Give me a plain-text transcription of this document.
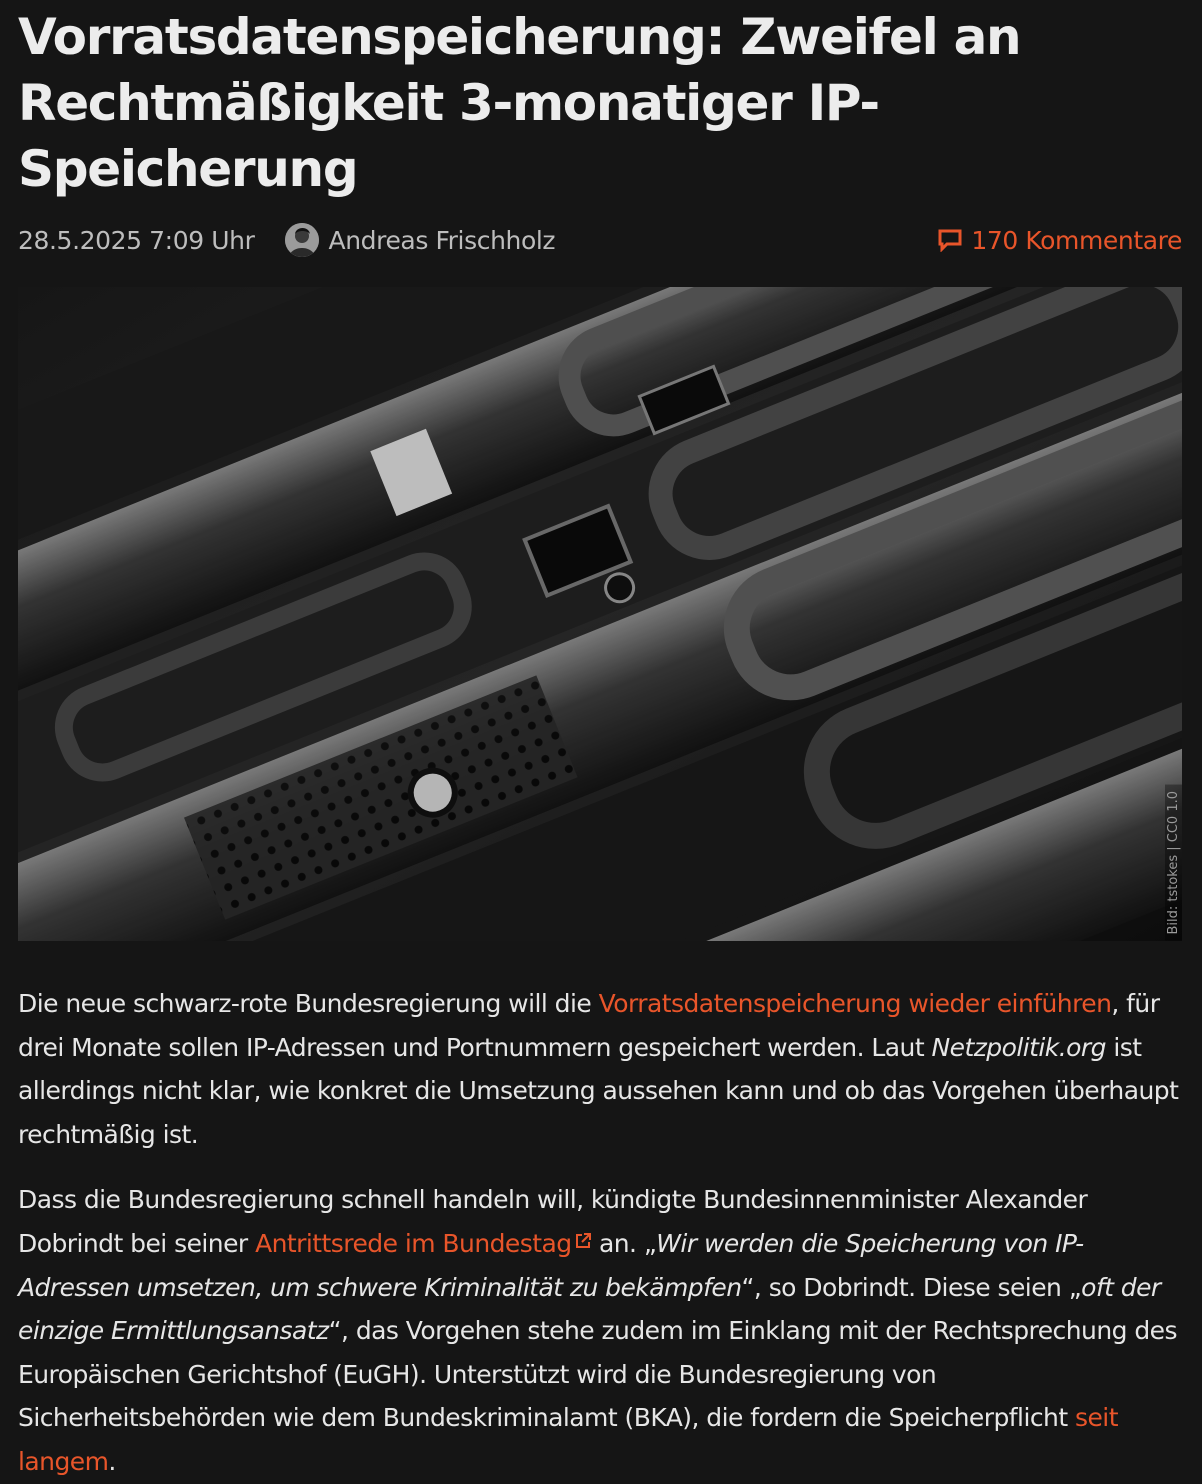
Vorratsdatenspeicherung: Zweifel an Rechtmäßigkeit 3-monatiger IP-Speicherung
28.5.2025 7:09 Uhr	Andreas Frischholz	170 Kommentare
Bild: tstokes | CC0 1.0

Die neue schwarz-rote Bundesregierung will die Vorratsdatenspeicherung wieder einführen, für drei Monate sollen IP-Adressen und Portnummern gespeichert werden. Laut Netzpolitik.org ist allerdings nicht klar, wie konkret die Umsetzung aussehen kann und ob das Vorgehen überhaupt rechtmäßig ist.

Dass die Bundesregierung schnell handeln will, kündigte Bundesinnenminister Alexander Dobrindt bei seiner Antrittsrede im Bundestag an. „Wir werden die Speicherung von IP-Adressen umsetzen, um schwere Kriminalität zu bekämpfen“, so Dobrindt. Diese seien „oft der einzige Ermittlungsansatz“, das Vorgehen stehe zudem im Einklang mit der Rechtsprechung des Europäischen Gerichtshof (EuGH). Unterstützt wird die Bundesregierung von Sicherheitsbehörden wie dem Bundeskriminalamt (BKA), die fordern die Speicherpflicht seit langem.
